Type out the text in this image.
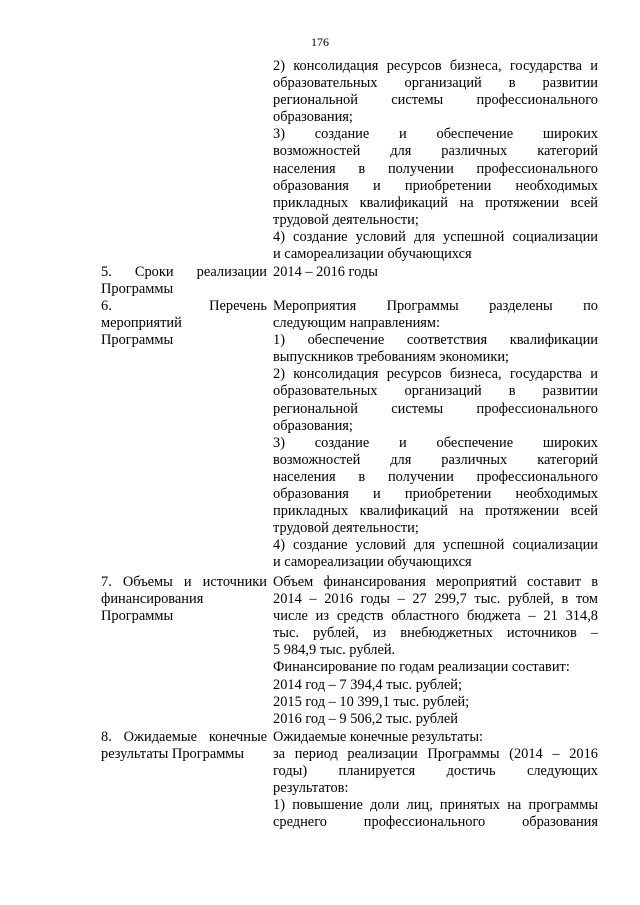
176
2) консолидация ресурсов бизнеса, государства и
образовательных организаций в развитии
региональной системы профессионального
образования;
3) создание и обеспечение широких
возможностей для различных категорий
населения в получении профессионального
образования и приобретении необходимых
прикладных квалификаций на протяжении всей
трудовой деятельности;
4) создание условий для успешной социализации
и самореализации обучающихся
5. Сроки реализации
Программы
2014 – 2016 годы
6. Перечень
мероприятий
Программы
Мероприятия Программы разделены по
следующим направлениям:
1) обеспечение соответствия квалификации
выпускников требованиям экономики;
2) консолидация ресурсов бизнеса, государства и
образовательных организаций в развитии
региональной системы профессионального
образования;
3) создание и обеспечение широких
возможностей для различных категорий
населения в получении профессионального
образования и приобретении необходимых
прикладных квалификаций на протяжении всей
трудовой деятельности;
4) создание условий для успешной социализации
и самореализации обучающихся
7. Объемы и источники
финансирования
Программы
Объем финансирования мероприятий составит в
2014 – 2016 годы – 27 299,7 тыс. рублей, в том
числе из средств областного бюджета – 21 314,8
тыс. рублей, из внебюджетных источников –
5 984,9 тыс. рублей.
Финансирование по годам реализации составит:
2014 год – 7 394,4 тыс. рублей;
2015 год – 10 399,1 тыс. рублей;
2016 год – 9 506,2 тыс. рублей
8. Ожидаемые конечные
результаты Программы
Ожидаемые конечные результаты:
за период реализации Программы (2014 – 2016
годы) планируется достичь следующих
результатов:
1) повышение доли лиц, принятых на программы
среднего профессионального образования
